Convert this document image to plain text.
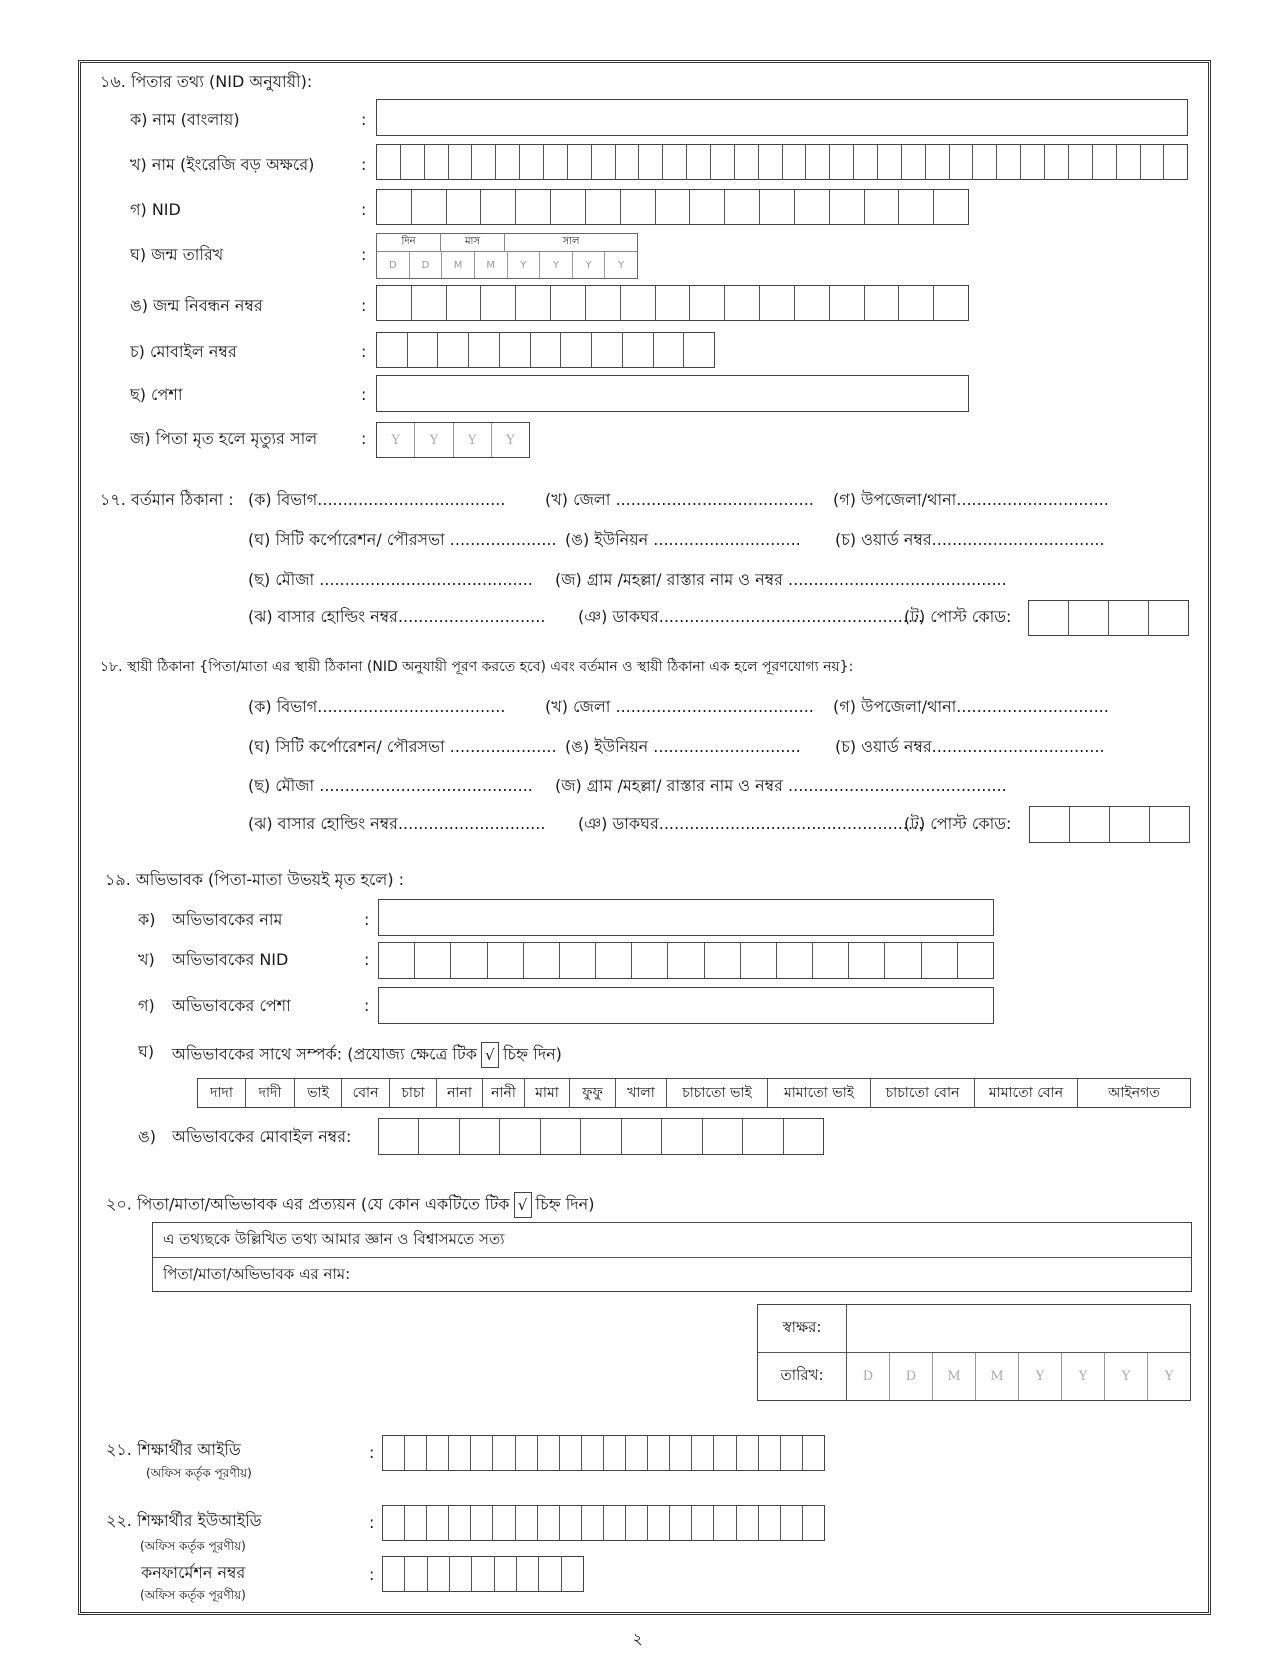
১৬. পিতার তথ্য (NID অনুযায়ী):
ক) নাম (বাংলায়)	:
খ) নাম (ইংরেজি বড় অক্ষরে)	:
গ) NID	:
ঘ) জন্ম তারিখ	:
দিন	মাস	সাল
D	D	M	M	Y	Y	Y	Y
ঙ) জন্ম নিবন্ধন নম্বর	:
চ) মোবাইল নম্বর	:
ছ) পেশা	:
জ) পিতা মৃত হলে মৃত্যুর সাল	:	Y	Y	Y	Y
১৭. বর্তমান ঠিকানা : (ক) বিভাগ..................................... (খ) জেলা ....................................... (গ) উপজেলা/থানা..............................
(ঘ) সিটি কর্পোরেশন/ পৌরসভা ..................... (ঙ) ইউনিয়ন ............................. (চ) ওয়ার্ড নম্বর..................................
(ছ) মৌজা .......................................... (জ) গ্রাম /মহল্লা/ রাস্তার নাম ও নম্বর ...........................................
(ঝ) বাসার হোল্ডিং নম্বর............................. (ঞ) ডাকঘর....................................................
(ট) পোস্ট কোড:
১৮. স্থায়ী ঠিকানা {পিতা/মাতা এর স্থায়ী ঠিকানা (NID অনুযায়ী পূরণ করতে হবে) এবং বর্তমান ও স্থায়ী ঠিকানা এক হলে পূরণযোগ্য নয়}:
(ক) বিভাগ..................................... (খ) জেলা ....................................... (গ) উপজেলা/থানা..............................
(ঘ) সিটি কর্পোরেশন/ পৌরসভা ..................... (ঙ) ইউনিয়ন ............................. (চ) ওয়ার্ড নম্বর..................................
(ছ) মৌজা .......................................... (জ) গ্রাম /মহল্লা/ রাস্তার নাম ও নম্বর ...........................................
(ঝ) বাসার হোল্ডিং নম্বর............................. (ঞ) ডাকঘর....................................................
(ট) পোস্ট কোড:
১৯. অভিভাবক (পিতা-মাতা উভয়ই মৃত হলে) :
ক) অভিভাবকের নাম	:
খ) অভিভাবকের NID	:
গ) অভিভাবকের পেশা	:
ঘ) অভিভাবকের সাথে সম্পর্ক: (প্রযোজ্য ক্ষেত্রে টিক √ চিহ্ন দিন)
দাদা	দাদী	ভাই	বোন	চাচা	নানা	নানী	মামা	ফুফু	খালা	চাচাতো ভাই	মামাতো ভাই	চাচাতো বোন	মামাতো বোন	আইনগত
ঙ) অভিভাবকের মোবাইল নম্বর:
২০. পিতা/মাতা/অভিভাবক এর প্রত্যয়ন (যে কোন একটিতে টিক √ চিহ্ন দিন)
এ তথ্যছকে উল্লিখিত তথ্য আমার জ্ঞান ও বিশ্বাসমতে সত্য
পিতা/মাতা/অভিভাবক এর নাম:
স্বাক্ষর:
তারিখ:	D	D	M	M	Y	Y	Y	Y
২১. শিক্ষার্থীর আইডি
(অফিস কর্তৃক পূরণীয়)
:
২২. শিক্ষার্থীর ইউআইডি
(অফিস কর্তৃক পূরণীয়)
:
কনফার্মেশন নম্বর
(অফিস কর্তৃক পূরণীয়)
:
২
